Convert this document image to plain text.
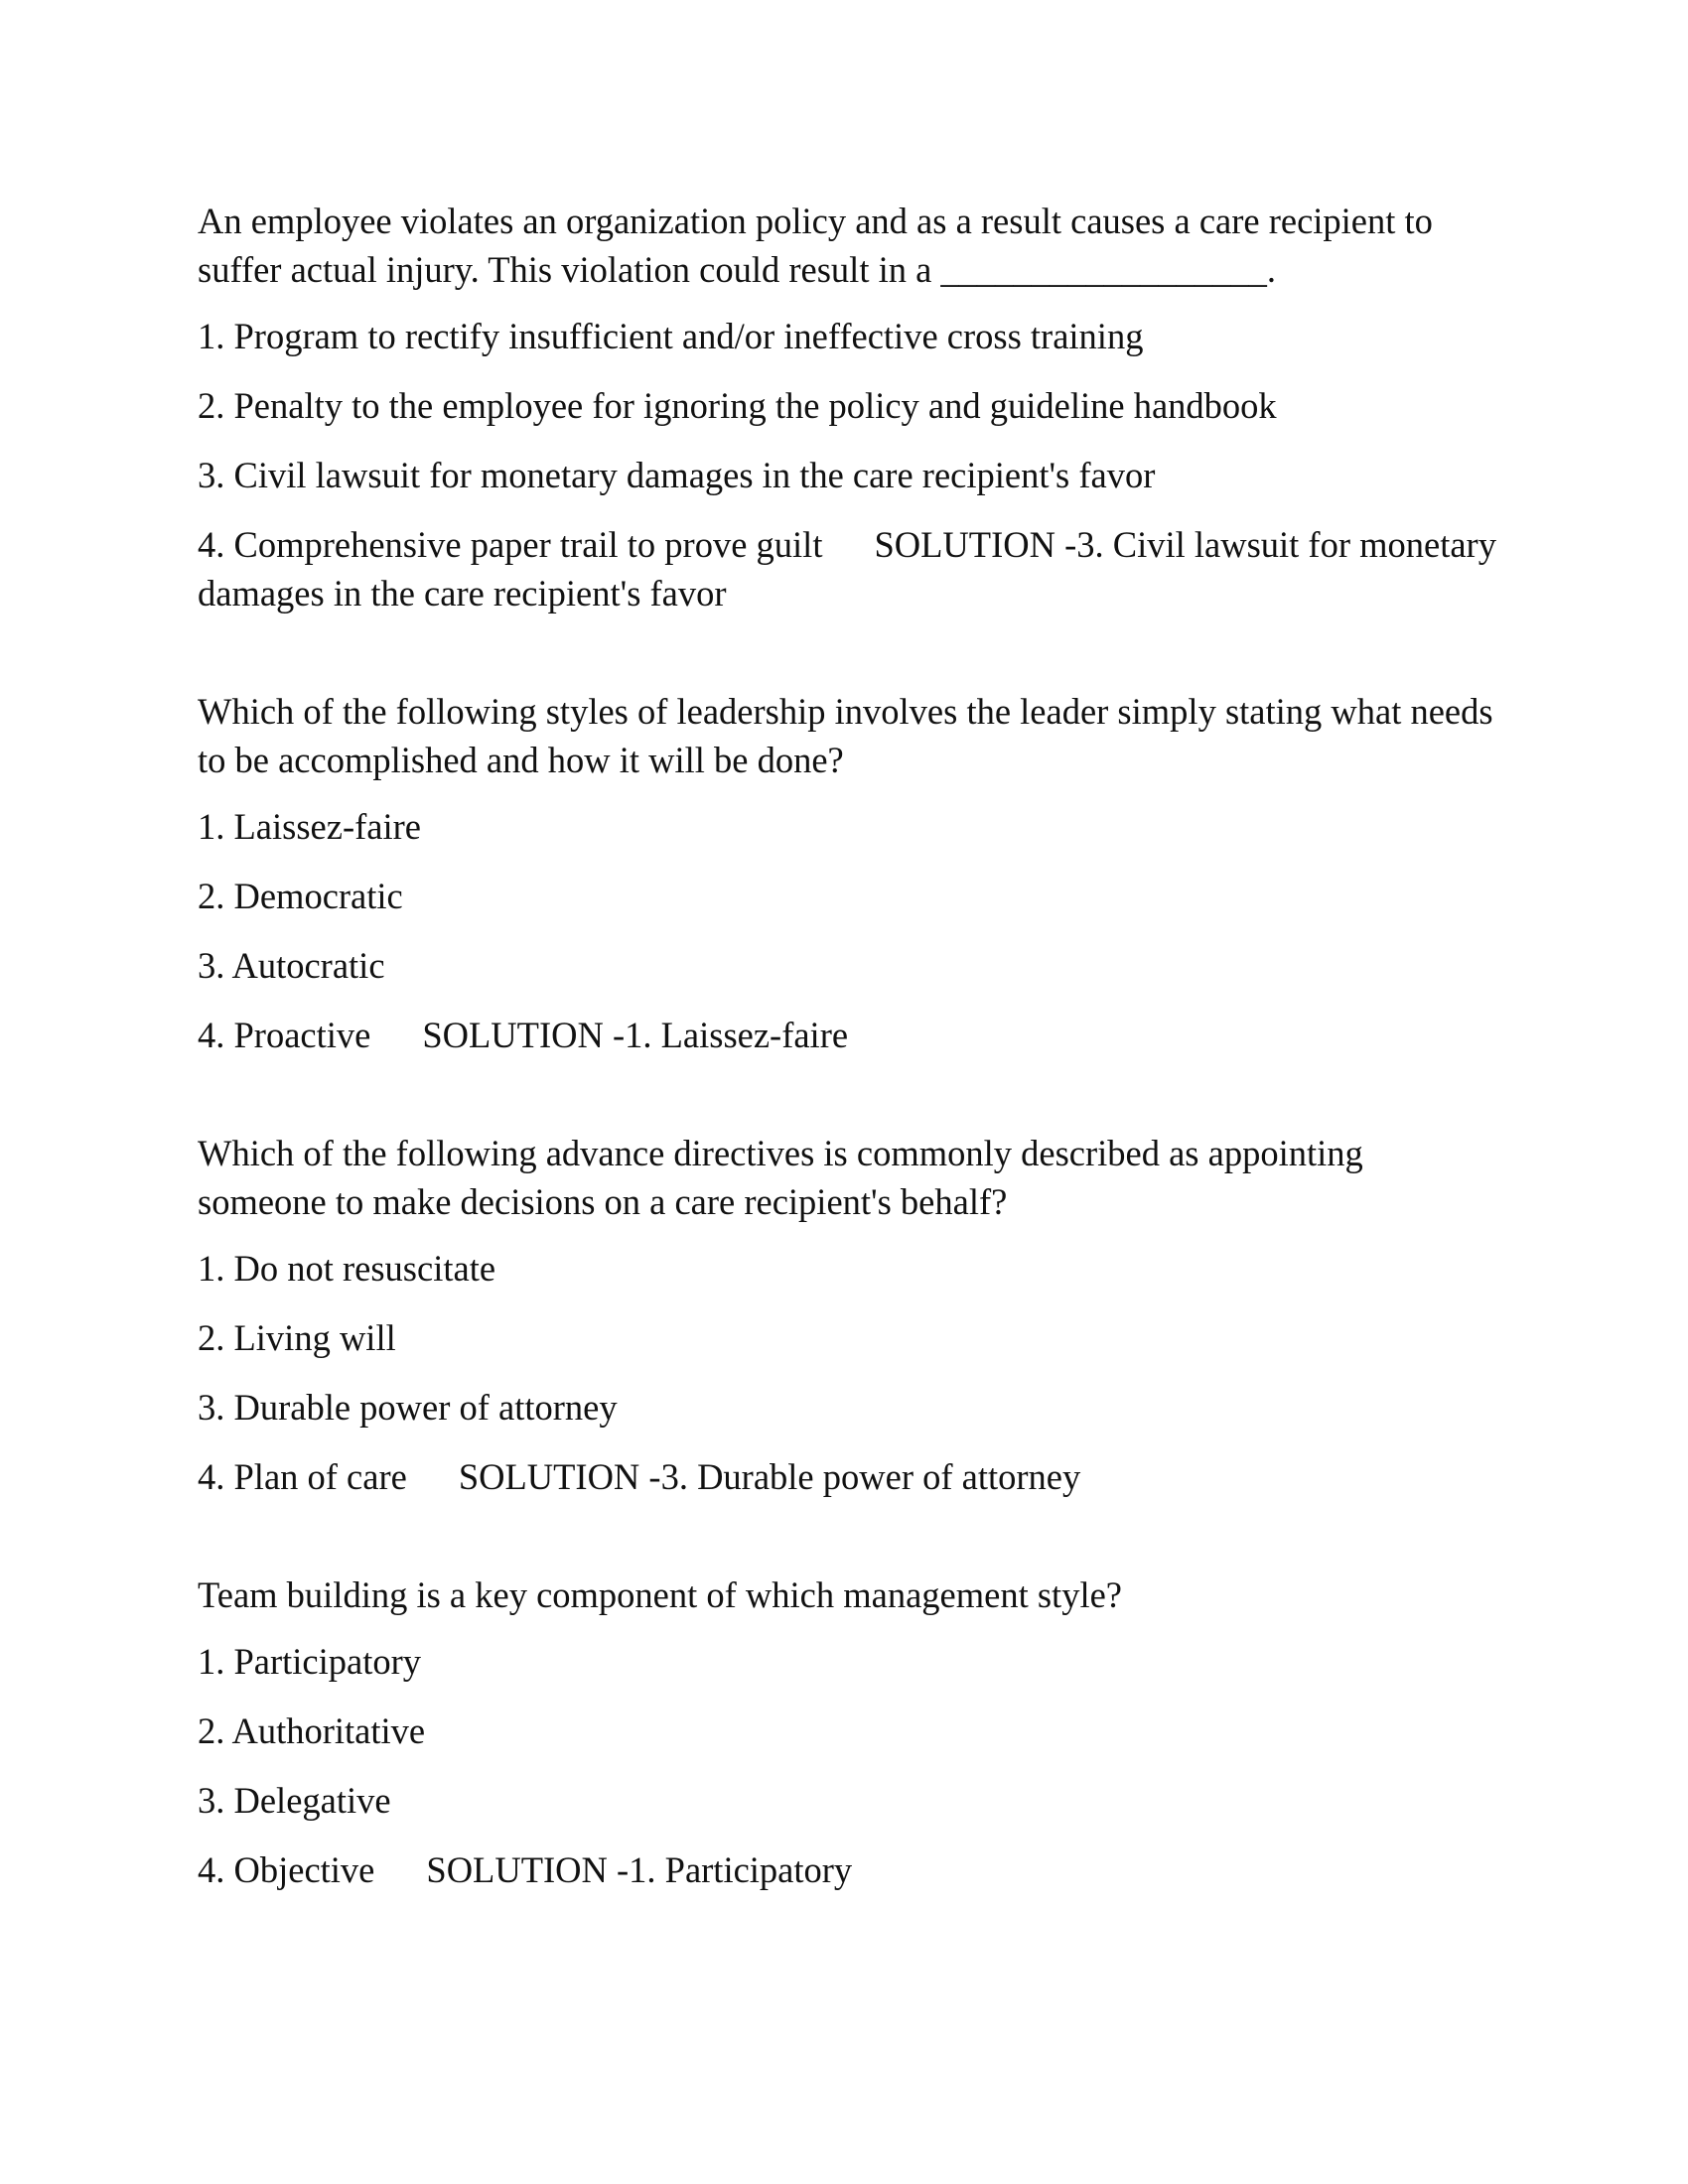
An employee violates an organization policy and as a result causes a care recipient to suffer actual injury. This violation could result in a __________________.

1. Program to rectify insufficient and/or ineffective cross training

2. Penalty to the employee for ignoring the policy and guideline handbook

3. Civil lawsuit for monetary damages in the care recipient's favor

4. Comprehensive paper trail to prove guilt SOLUTION -3. Civil lawsuit for monetary damages in the care recipient's favor

Which of the following styles of leadership involves the leader simply stating what needs to be accomplished and how it will be done?

1. Laissez-faire

2. Democratic

3. Autocratic

4. Proactive SOLUTION -1. Laissez-faire

Which of the following advance directives is commonly described as appointing someone to make decisions on a care recipient's behalf?

1. Do not resuscitate

2. Living will

3. Durable power of attorney

4. Plan of care SOLUTION -3. Durable power of attorney

Team building is a key component of which management style?

1. Participatory

2. Authoritative

3. Delegative

4. Objective SOLUTION -1. Participatory
